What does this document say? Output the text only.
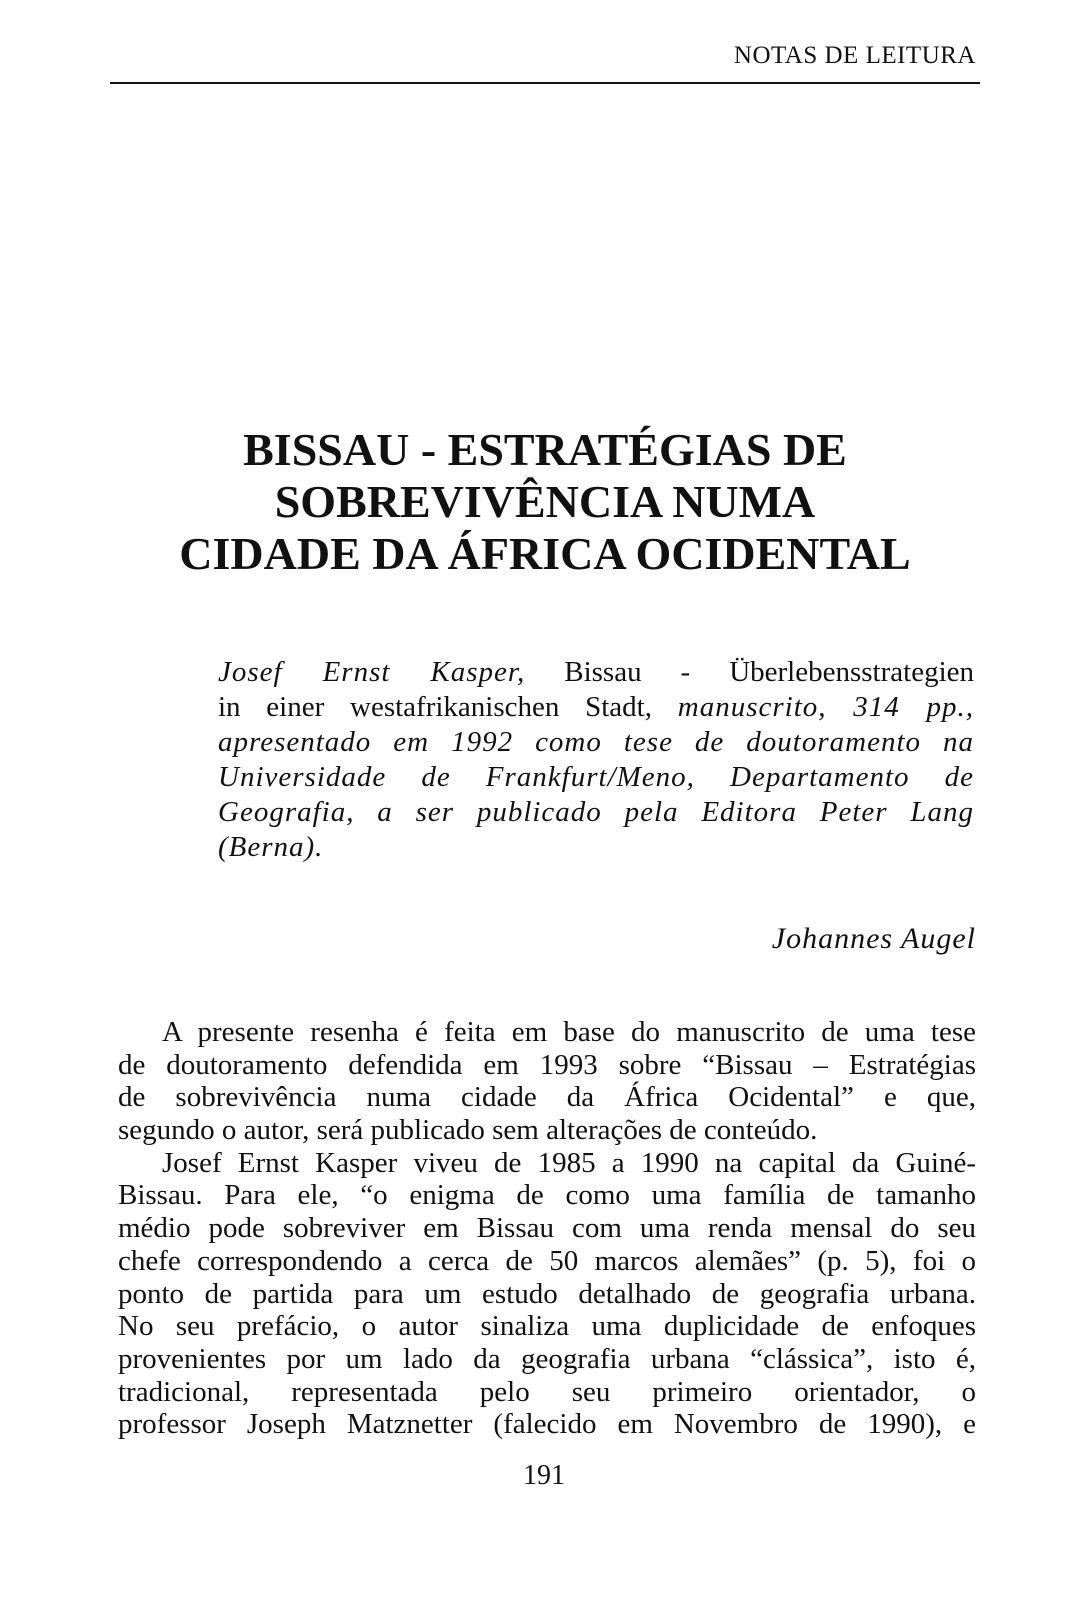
NOTAS DE LEITURA
BISSAU - ESTRATÉGIAS DE
SOBREVIVÊNCIA NUMA
CIDADE DA ÁFRICA OCIDENTAL
Josef Ernst Kasper, Bissau - Überlebensstrategien
in einer westafrikanischen Stadt, manuscrito, 314 pp.,
apresentado em 1992 como tese de doutoramento na
Universidade de Frankfurt/Meno, Departamento de
Geografia, a ser publicado pela Editora Peter Lang
(Berna).
Johannes Augel
A presente resenha é feita em base do manuscrito de uma tese
de doutoramento defendida em 1993 sobre “Bissau – Estratégias
de sobrevivência numa cidade da África Ocidental” e que,
segundo o autor, será publicado sem alterações de conteúdo.
Josef Ernst Kasper viveu de 1985 a 1990 na capital da Guiné-
Bissau. Para ele, “o enigma de como uma família de tamanho
médio pode sobreviver em Bissau com uma renda mensal do seu
chefe correspondendo a cerca de 50 marcos alemães” (p. 5), foi o
ponto de partida para um estudo detalhado de geografia urbana.
No seu prefácio, o autor sinaliza uma duplicidade de enfoques
provenientes por um lado da geografia urbana “clássica”, isto é,
tradicional, representada pelo seu primeiro orientador, o
professor Joseph Matznetter (falecido em Novembro de 1990), e
191
